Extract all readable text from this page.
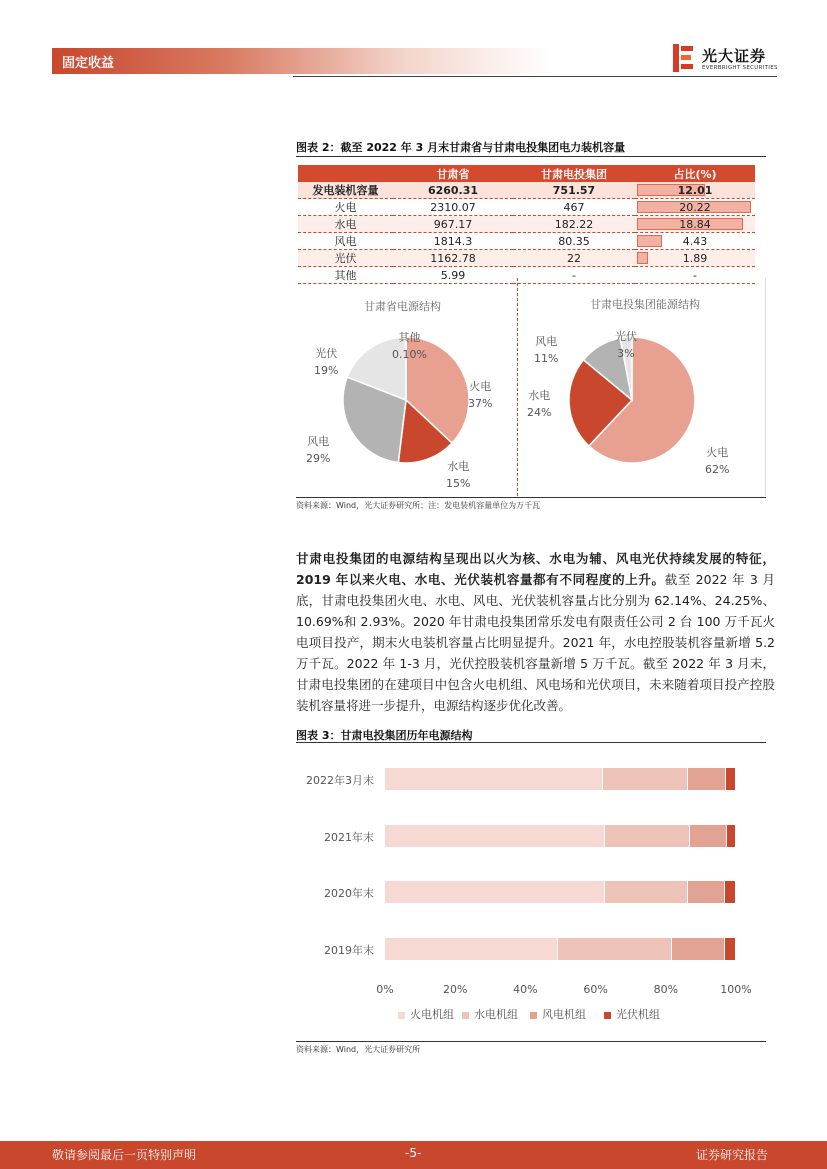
固定收益	光大证券
EVERBRIGHT SECURITIES
图表 2：截至 2022 年 3 月末甘肃省与甘肃电投集团电力装机容量
	甘肃省	甘肃电投集团	占比(%)
发电装机容量	6260.31	751.57	12.01
火电	2310.07	467	20.22
水电	967.17	182.22	18.84
风电	1814.3	80.35	4.43
光伏	1162.78	22	1.89
其他	5.99	-	-
甘肃省电源结构	甘肃电投集团能源结构
火电
37%
水电
15%
风电
29%
光伏
19%
其他
0.10%
火电
62%
水电
24%
风电
11%
光伏
3%
资料来源：Wind，光大证券研究所；注：发电装机容量单位为万千瓦
甘肃电投集团的电源结构呈现出以火为核、水电为辅、风电光伏持续发展的特征，2019 年以来火电、水电、光伏装机容量都有不同程度的上升。截至 2022 年 3 月底，甘肃电投集团火电、水电、风电、光伏装机容量占比分别为 62.14%、24.25%、10.69%和 2.93%。2020 年甘肃电投集团常乐发电有限责任公司 2 台 100 万千瓦火电项目投产，期末火电装机容量占比明显提升。2021 年，水电控股装机容量新增 5.2 万千瓦。2022 年 1-3 月，光伏控股装机容量新增 5 万千瓦。截至 2022 年 3 月末，甘肃电投集团的在建项目中包含火电机组、风电场和光伏项目，未来随着项目投产控股装机容量将进一步提升，电源结构逐步优化改善。
图表 3：甘肃电投集团历年电源结构
2022年3月末
2021年末
2020年末
2019年末
0%	20%	40%	60%	80%	100%
火电机组	水电机组	风电机组	光伏机组
资料来源：Wind，光大证券研究所
敬请参阅最后一页特别声明	-5-	证券研究报告
